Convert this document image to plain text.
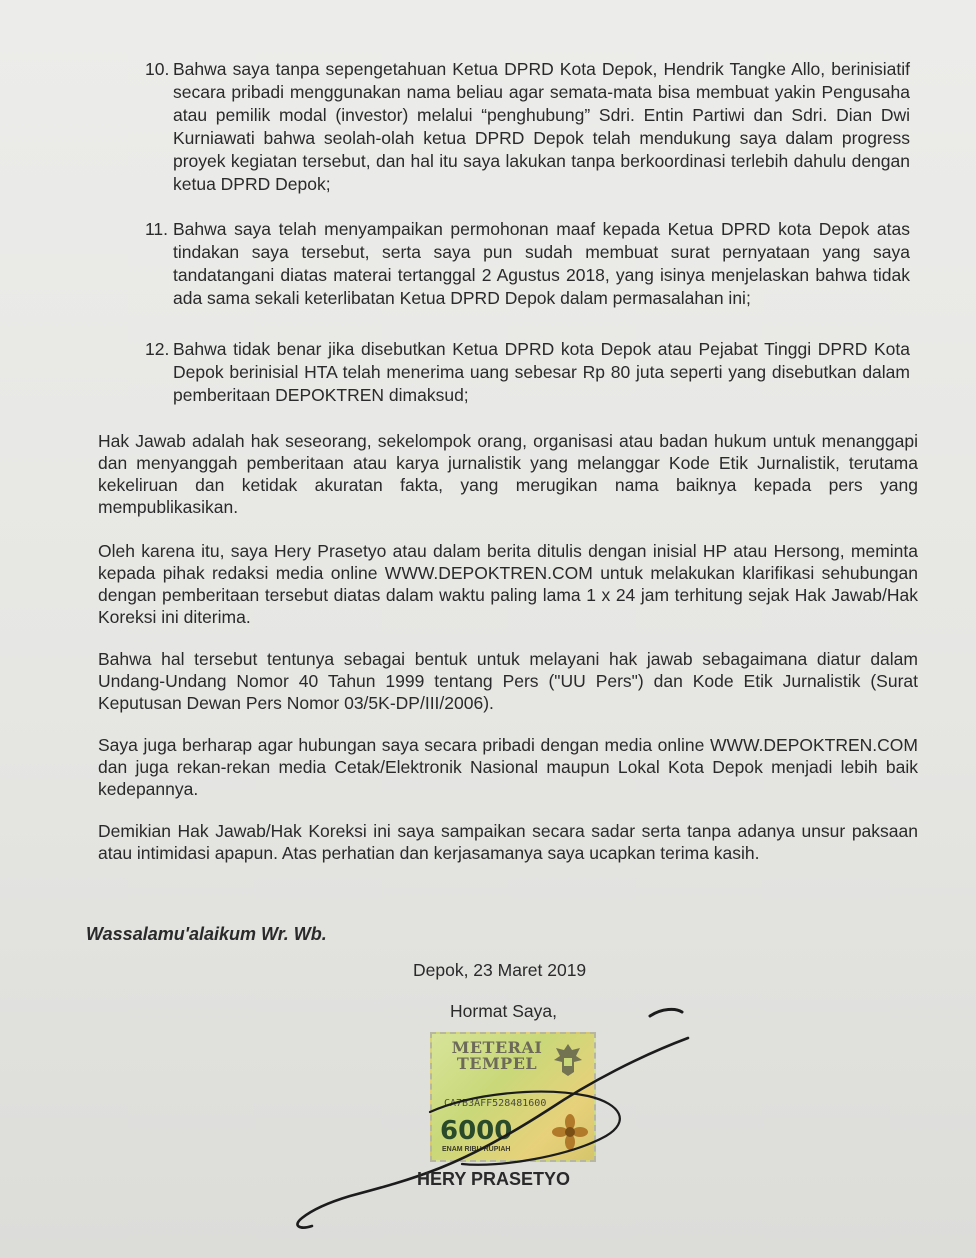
10. Bahwa saya tanpa sepengetahuan Ketua DPRD Kota Depok, Hendrik Tangke Allo, berinisiatif secara pribadi menggunakan nama beliau agar semata-mata bisa membuat yakin Pengusaha atau pemilik modal (investor) melalui “penghubung” Sdri. Entin Partiwi dan Sdri. Dian Dwi Kurniawati bahwa seolah-olah ketua DPRD Depok telah mendukung saya dalam progress proyek kegiatan tersebut, dan hal itu saya lakukan tanpa berkoordinasi terlebih dahulu dengan ketua DPRD Depok;
11. Bahwa saya telah menyampaikan permohonan maaf kepada Ketua DPRD kota Depok atas tindakan saya tersebut, serta saya pun sudah membuat surat pernyataan yang saya tandatangani diatas materai tertanggal 2 Agustus 2018, yang isinya menjelaskan bahwa tidak ada sama sekali keterlibatan Ketua DPRD Depok dalam permasalahan ini;
12. Bahwa tidak benar jika disebutkan Ketua DPRD kota Depok atau Pejabat Tinggi DPRD Kota Depok berinisial HTA telah menerima uang sebesar Rp 80 juta seperti yang disebutkan dalam pemberitaan DEPOKTREN dimaksud;
Hak Jawab adalah hak seseorang, sekelompok orang, organisasi atau badan hukum untuk menanggapi dan menyanggah pemberitaan atau karya jurnalistik yang melanggar Kode Etik Jurnalistik, terutama kekeliruan dan ketidak akuratan fakta, yang merugikan nama baiknya kepada pers yang mempublikasikan.
Oleh karena itu, saya Hery Prasetyo atau dalam berita ditulis dengan inisial HP atau Hersong, meminta kepada pihak redaksi media online WWW.DEPOKTREN.COM untuk melakukan klarifikasi sehubungan dengan pemberitaan tersebut diatas dalam waktu paling lama 1 x 24 jam terhitung sejak Hak Jawab/Hak Koreksi ini diterima.
Bahwa hal tersebut tentunya sebagai bentuk untuk melayani hak jawab sebagaimana diatur dalam Undang-Undang Nomor 40 Tahun 1999 tentang Pers ("UU Pers") dan Kode Etik Jurnalistik (Surat Keputusan Dewan Pers Nomor 03/5K-DP/III/2006).
Saya juga berharap agar hubungan saya secara pribadi dengan media online WWW.DEPOKTREN.COM dan juga rekan-rekan media Cetak/Elektronik Nasional maupun Lokal Kota Depok menjadi lebih baik kedepannya.
Demikian Hak Jawab/Hak Koreksi ini saya sampaikan secara sadar serta tanpa adanya unsur paksaan atau intimidasi apapun. Atas perhatian dan kerjasamanya saya ucapkan terima kasih.
Wassalamu'alaikum Wr. Wb.
Depok, 23 Maret 2019
Hormat Saya,
METERAI
TEMPEL
CA7B3AFF528481600
6000
ENAM RIBU RUPIAH
HERY PRASETYO
